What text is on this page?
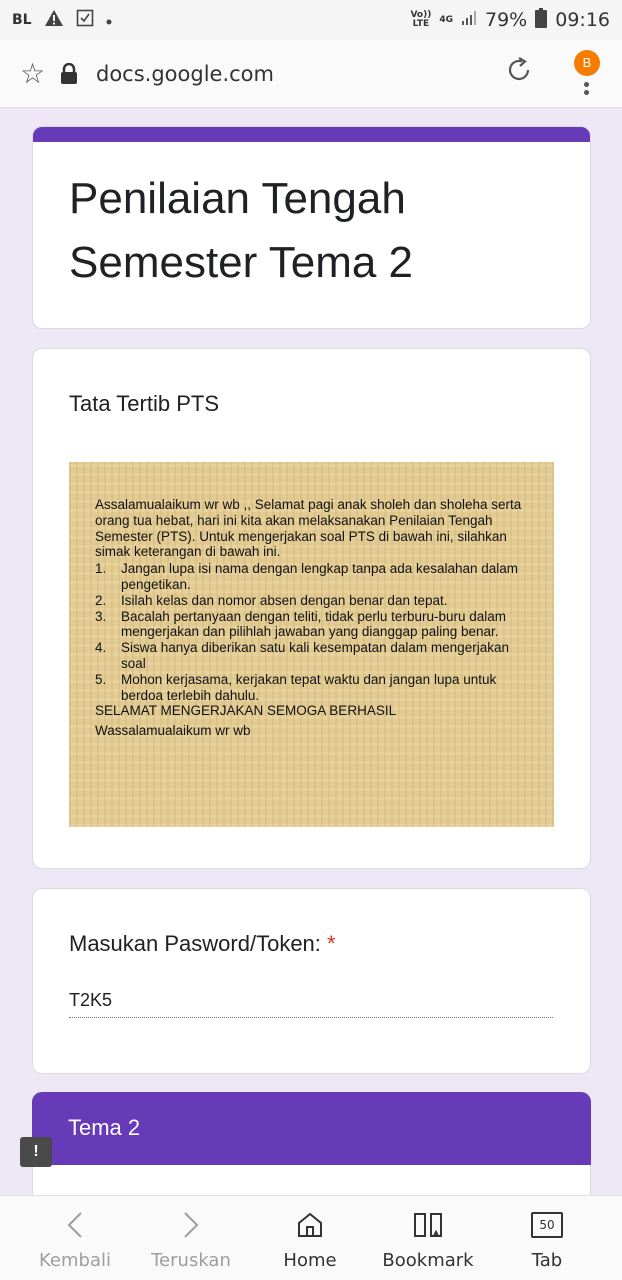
BL	Vo))
LTE 4G 79% 09:16
☆	docs.google.com	B
Penilaian Tengah
Semester Tema 2
Tata Tertib PTS
Assalamualaikum wr wb ,, Selamat pagi anak sholeh dan sholeha serta orang tua hebat, hari ini kita akan melaksanakan Penilaian Tengah Semester (PTS). Untuk mengerjakan soal PTS di bawah ini, silahkan simak keterangan di bawah ini.
1.	Jangan lupa isi nama dengan lengkap tanpa ada kesalahan dalam pengetikan.
2.	Isilah kelas dan nomor absen dengan benar dan tepat.
3.	Bacalah pertanyaan dengan teliti, tidak perlu terburu-buru dalam mengerjakan dan pilihlah jawaban yang dianggap paling benar.
4.	Siswa hanya diberikan satu kali kesempatan dalam mengerjakan soal
5.	Mohon kerjasama, kerjakan tepat waktu dan jangan lupa untuk berdoa terlebih dahulu.
SELAMAT MENGERJAKAN SEMOGA BERHASIL
Wassalamualaikum wr wb
Masukan Pasword/Token: *
T2K5
Tema 2
!
Kembali	Teruskan	Home	Bookmark
50
Tab
